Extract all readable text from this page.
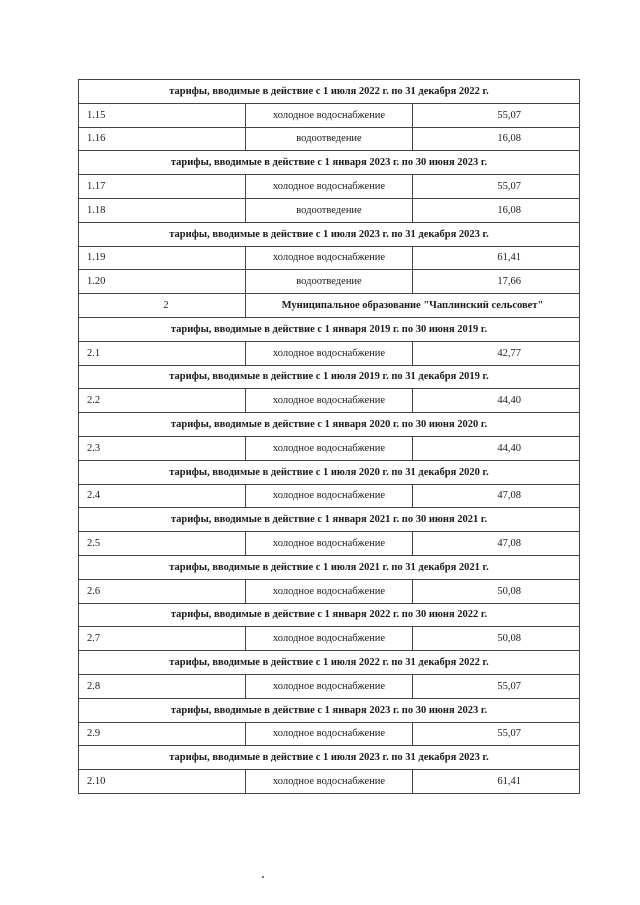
тарифы, вводимые в действие с 1 июля 2022 г. по 31 декабря 2022 г.		
1.15	холодное водоснабжение	55,07
1.16	водоотведение	16,08
тарифы, вводимые в действие с 1 января 2023 г. по 30 июня 2023 г.		
1.17	холодное водоснабжение	55,07
1.18	водоотведение	16,08
тарифы, вводимые в действие с 1 июля 2023 г. по 31 декабря 2023 г.		
1.19	холодное водоснабжение	61,41
1.20	водоотведение	17,66
2	Муниципальное образование "Чаплинский сельсовет"	
тарифы, вводимые в действие с 1 января 2019 г. по 30 июня 2019 г.		
2.1	холодное водоснабжение	42,77
тарифы, вводимые в действие с 1 июля 2019 г. по 31 декабря 2019 г.		
2.2	холодное водоснабжение	44,40
тарифы, вводимые в действие с 1 января 2020 г. по 30 июня 2020 г.		
2.3	холодное водоснабжение	44,40
тарифы, вводимые в действие с 1 июля 2020 г. по 31 декабря 2020 г.		
2.4	холодное водоснабжение	47,08
тарифы, вводимые в действие с 1 января 2021 г. по 30 июня 2021 г.		
2.5	холодное водоснабжение	47,08
тарифы, вводимые в действие с 1 июля 2021 г. по 31 декабря 2021 г.		
2.6	холодное водоснабжение	50,08
тарифы, вводимые в действие с 1 января 2022 г. по 30 июня 2022 г.		
2.7	холодное водоснабжение	50,08
тарифы, вводимые в действие с 1 июля 2022 г. по 31 декабря 2022 г.		
2.8	холодное водоснабжение	55,07
тарифы, вводимые в действие с 1 января 2023 г. по 30 июня 2023 г.		
2.9	холодное водоснабжение	55,07
тарифы, вводимые в действие с 1 июля 2023 г. по 31 декабря 2023 г.		
2.10	холодное водоснабжение	61,41
